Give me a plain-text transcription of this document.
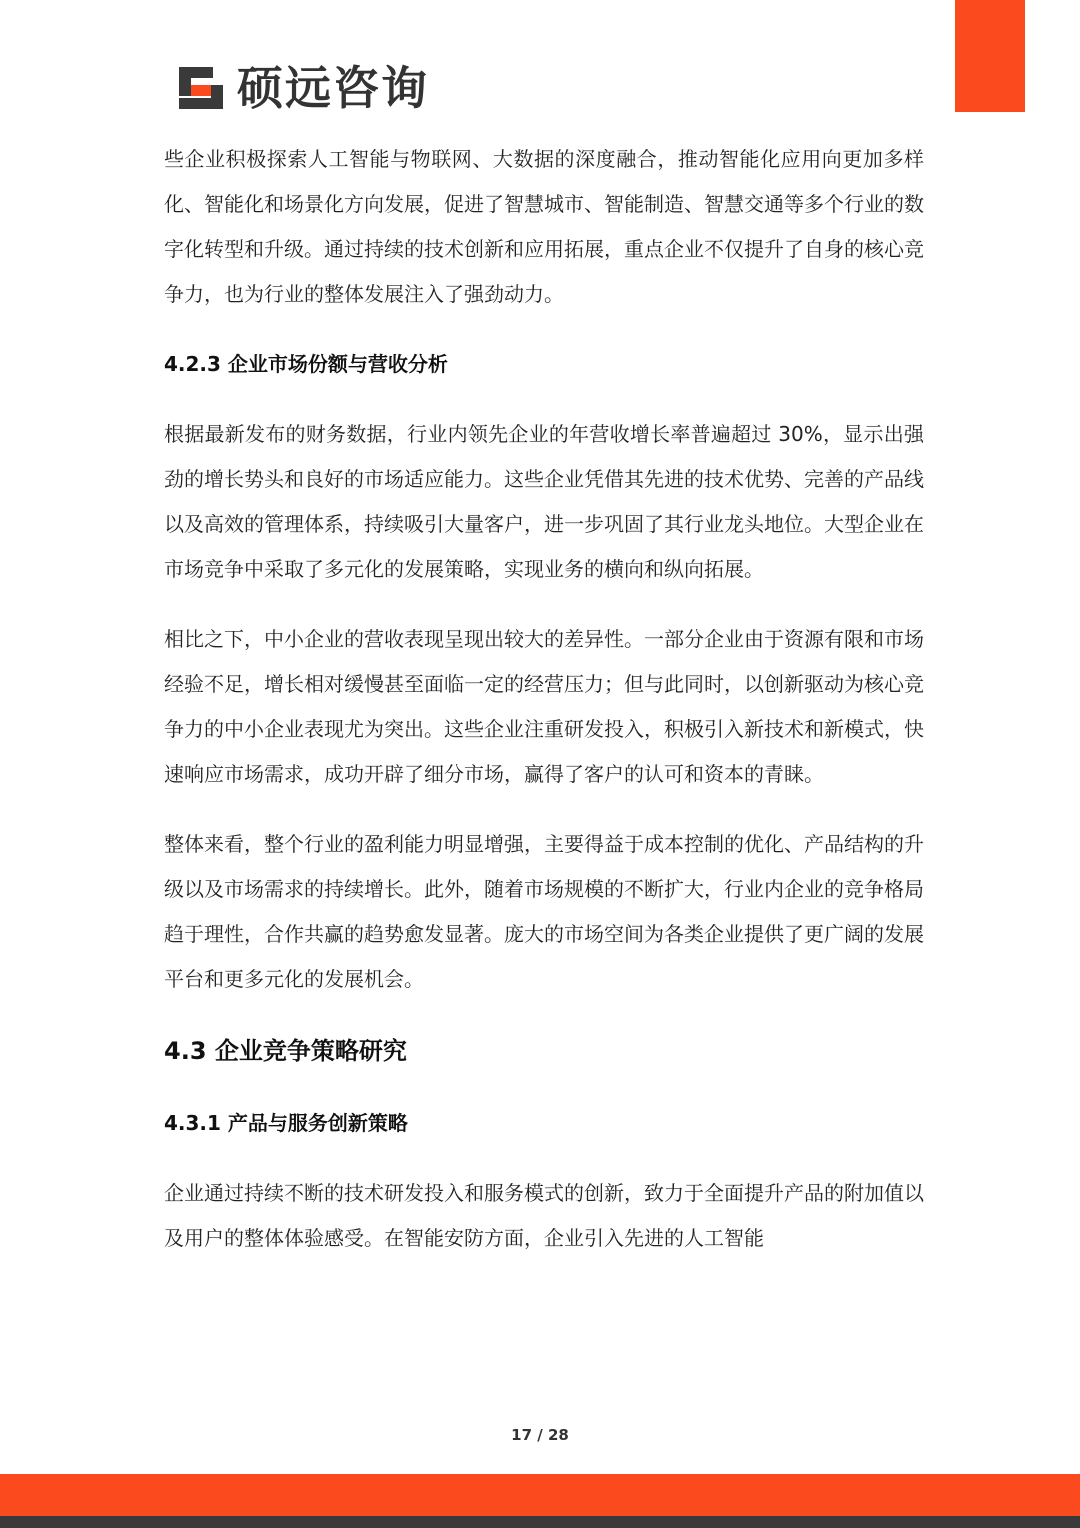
硕远咨询

些企业积极探索人工智能与物联网、大数据的深度融合，推动智能化应用向更加多样化、智能化和场景化方向发展，促进了智慧城市、智能制造、智慧交通等多个行业的数字化转型和升级。通过持续的技术创新和应用拓展，重点企业不仅提升了自身的核心竞争力，也为行业的整体发展注入了强劲动力。

4.2.3 企业市场份额与营收分析

根据最新发布的财务数据，行业内领先企业的年营收增长率普遍超过 30%，显示出强劲的增长势头和良好的市场适应能力。这些企业凭借其先进的技术优势、完善的产品线以及高效的管理体系，持续吸引大量客户，进一步巩固了其行业龙头地位。大型企业在市场竞争中采取了多元化的发展策略，实现业务的横向和纵向拓展。

相比之下，中小企业的营收表现呈现出较大的差异性。一部分企业由于资源有限和市场经验不足，增长相对缓慢甚至面临一定的经营压力；但与此同时，以创新驱动为核心竞争力的中小企业表现尤为突出。这些企业注重研发投入，积极引入新技术和新模式，快速响应市场需求，成功开辟了细分市场，赢得了客户的认可和资本的青睐。

整体来看，整个行业的盈利能力明显增强，主要得益于成本控制的优化、产品结构的升级以及市场需求的持续增长。此外，随着市场规模的不断扩大，行业内企业的竞争格局趋于理性，合作共赢的趋势愈发显著。庞大的市场空间为各类企业提供了更广阔的发展平台和更多元化的发展机会。

4.3 企业竞争策略研究
4.3.1 产品与服务创新策略

企业通过持续不断的技术研发投入和服务模式的创新，致力于全面提升产品的附加值以及用户的整体体验感受。在智能安防方面，企业引入先进的人工智能

17 / 28
